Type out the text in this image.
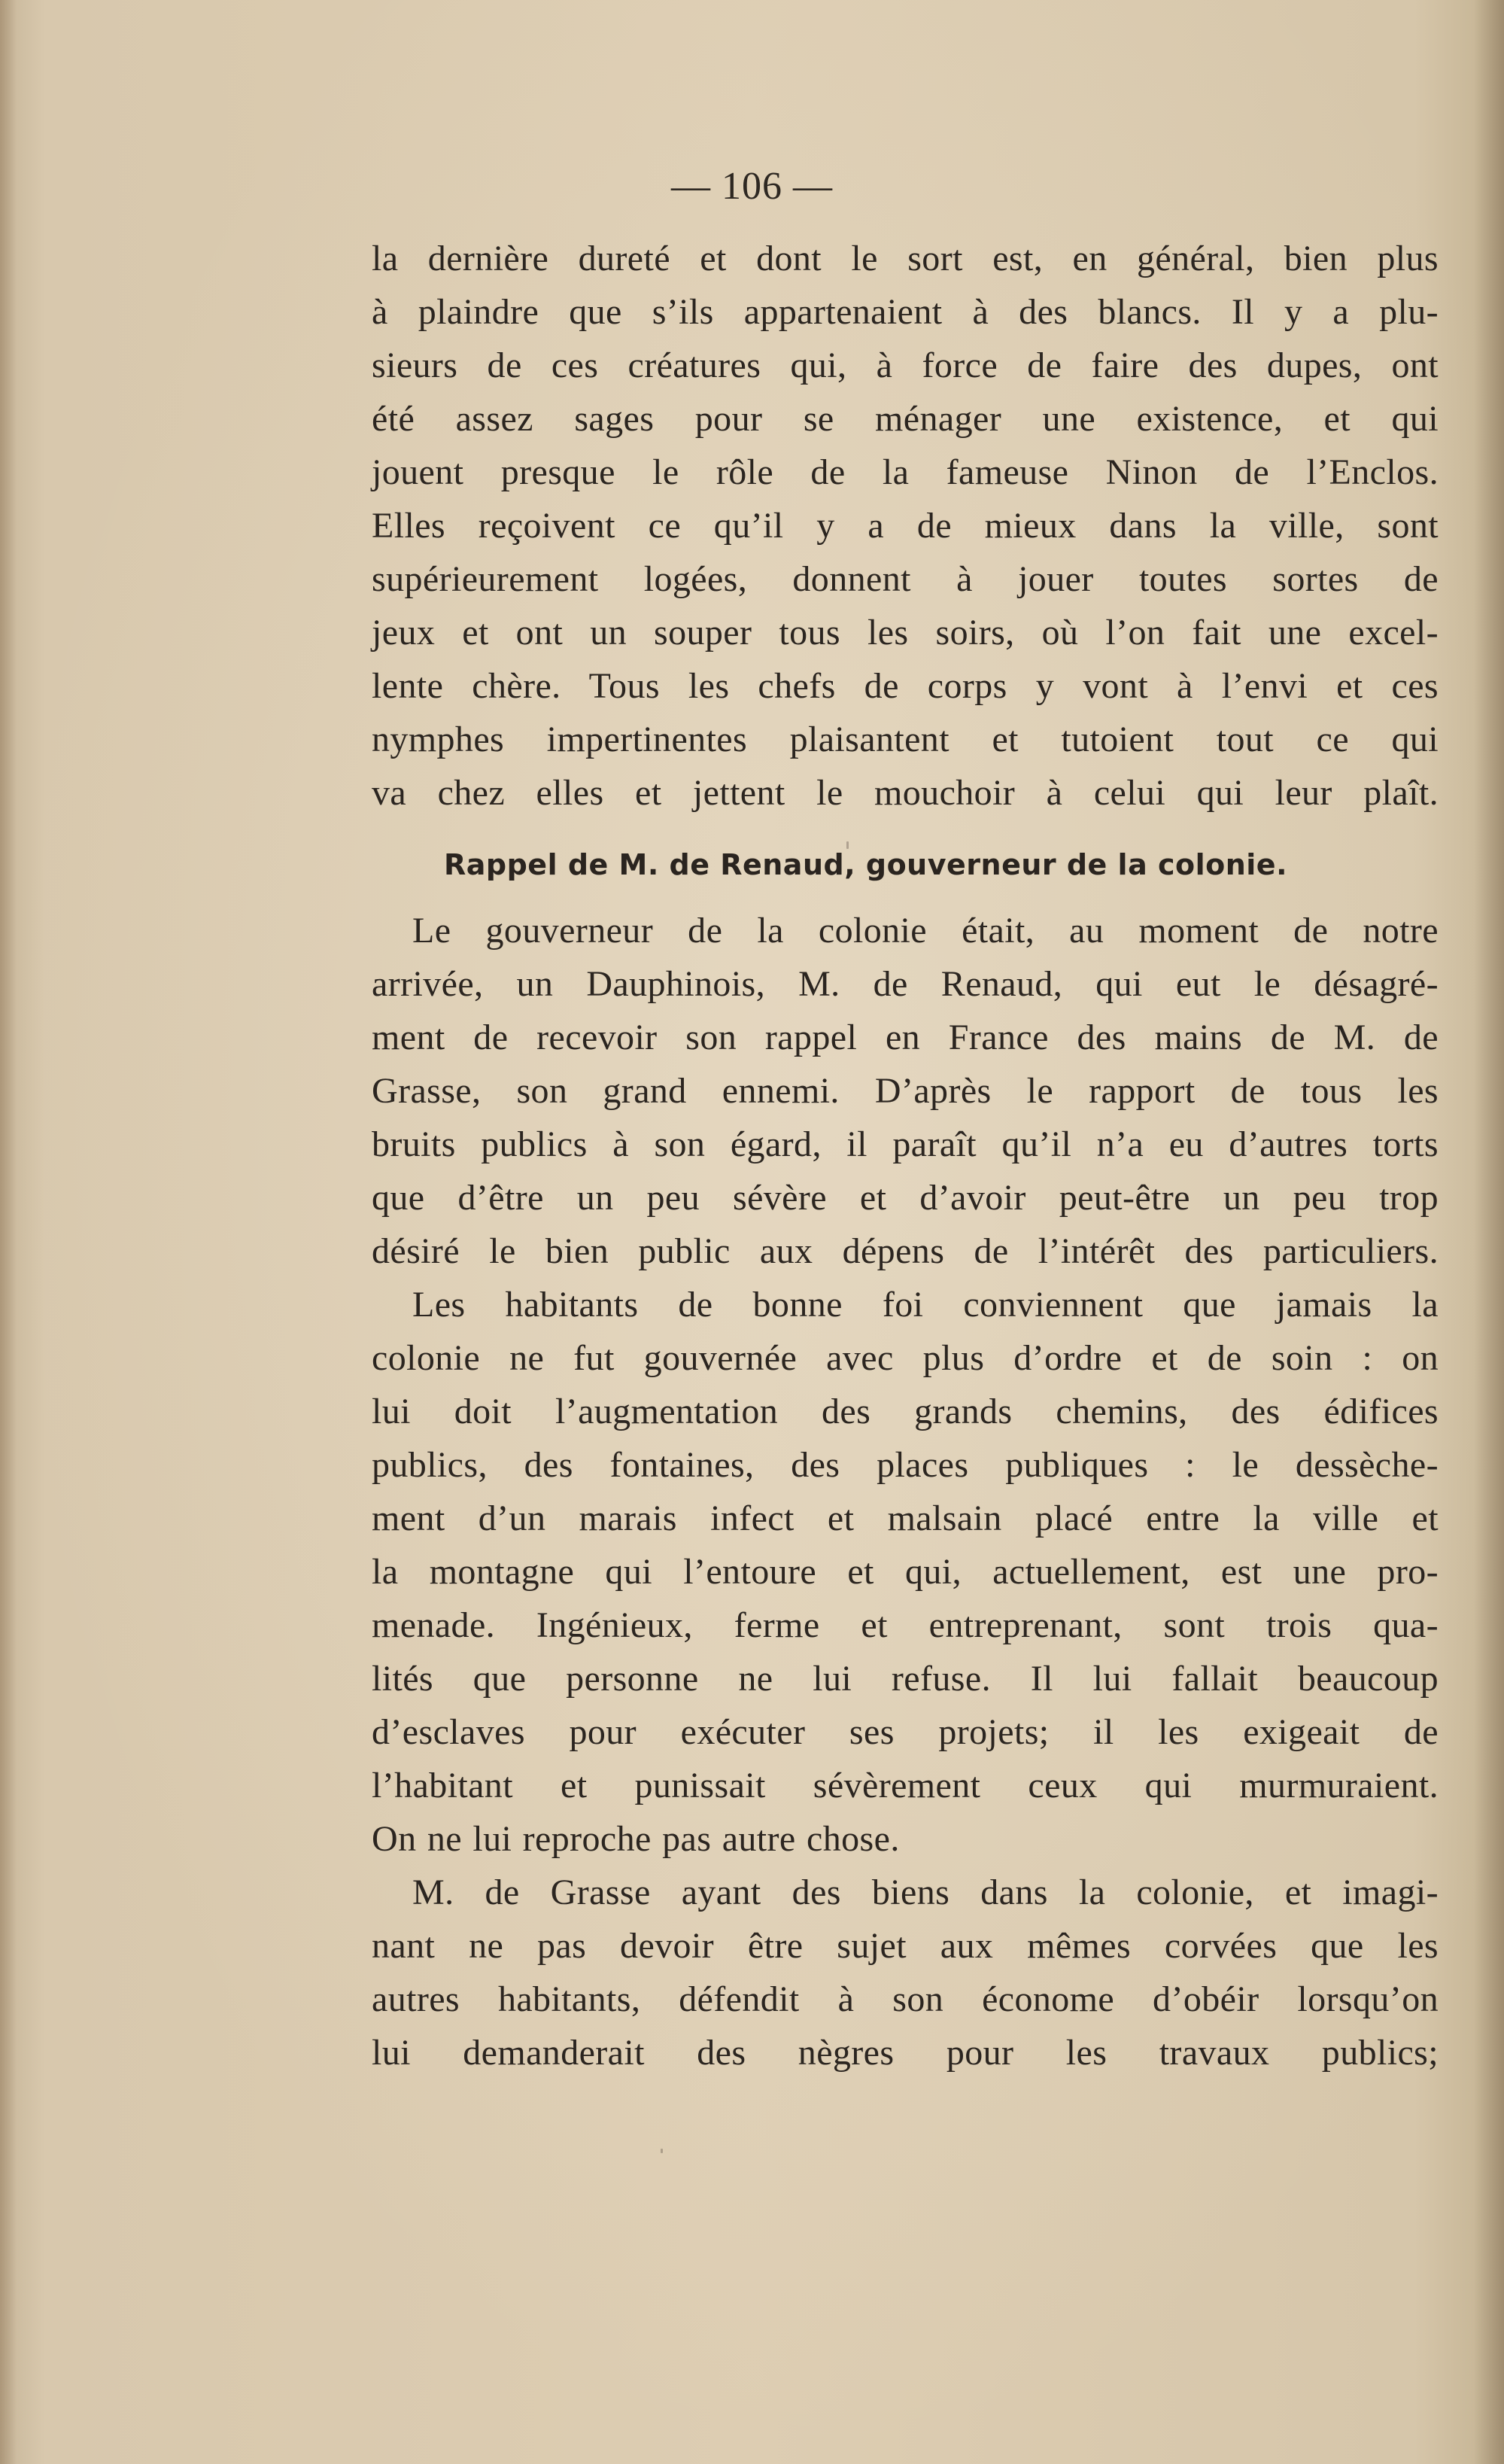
— 106 —
la dernière dureté et dont le sort est, en général, bien plus
à plaindre que s’ils appartenaient à des blancs. Il y a plu-
sieurs de ces créatures qui, à force de faire des dupes, ont
été assez sages pour se ménager une existence, et qui
jouent presque le rôle de la fameuse Ninon de l’Enclos.
Elles reçoivent ce qu’il y a de mieux dans la ville, sont
supérieurement logées, donnent à jouer toutes sortes de
jeux et ont un souper tous les soirs, où l’on fait une excel-
lente chère. Tous les chefs de corps y vont à l’envi et ces
nymphes impertinentes plaisantent et tutoient tout ce qui
va chez elles et jettent le mouchoir à celui qui leur plaît.
Rappel de M. de Renaud, gouverneur de la colonie.
Le gouverneur de la colonie était, au moment de notre
arrivée, un Dauphinois, M. de Renaud, qui eut le désagré-
ment de recevoir son rappel en France des mains de M. de
Grasse, son grand ennemi. D’après le rapport de tous les
bruits publics à son égard, il paraît qu’il n’a eu d’autres torts
que d’être un peu sévère et d’avoir peut-être un peu trop
désiré le bien public aux dépens de l’intérêt des particuliers.
Les habitants de bonne foi conviennent que jamais la
colonie ne fut gouvernée avec plus d’ordre et de soin : on
lui doit l’augmentation des grands chemins, des édifices
publics, des fontaines, des places publiques : le dessèche-
ment d’un marais infect et malsain placé entre la ville et
la montagne qui l’entoure et qui, actuellement, est une pro-
menade. Ingénieux, ferme et entreprenant, sont trois qua-
lités que personne ne lui refuse. Il lui fallait beaucoup
d’esclaves pour exécuter ses projets; il les exigeait de
l’habitant et punissait sévèrement ceux qui murmuraient.
On ne lui reproche pas autre chose.
M. de Grasse ayant des biens dans la colonie, et imagi-
nant ne pas devoir être sujet aux mêmes corvées que les
autres habitants, défendit à son économe d’obéir lorsqu’on
lui demanderait des nègres pour les travaux publics;
